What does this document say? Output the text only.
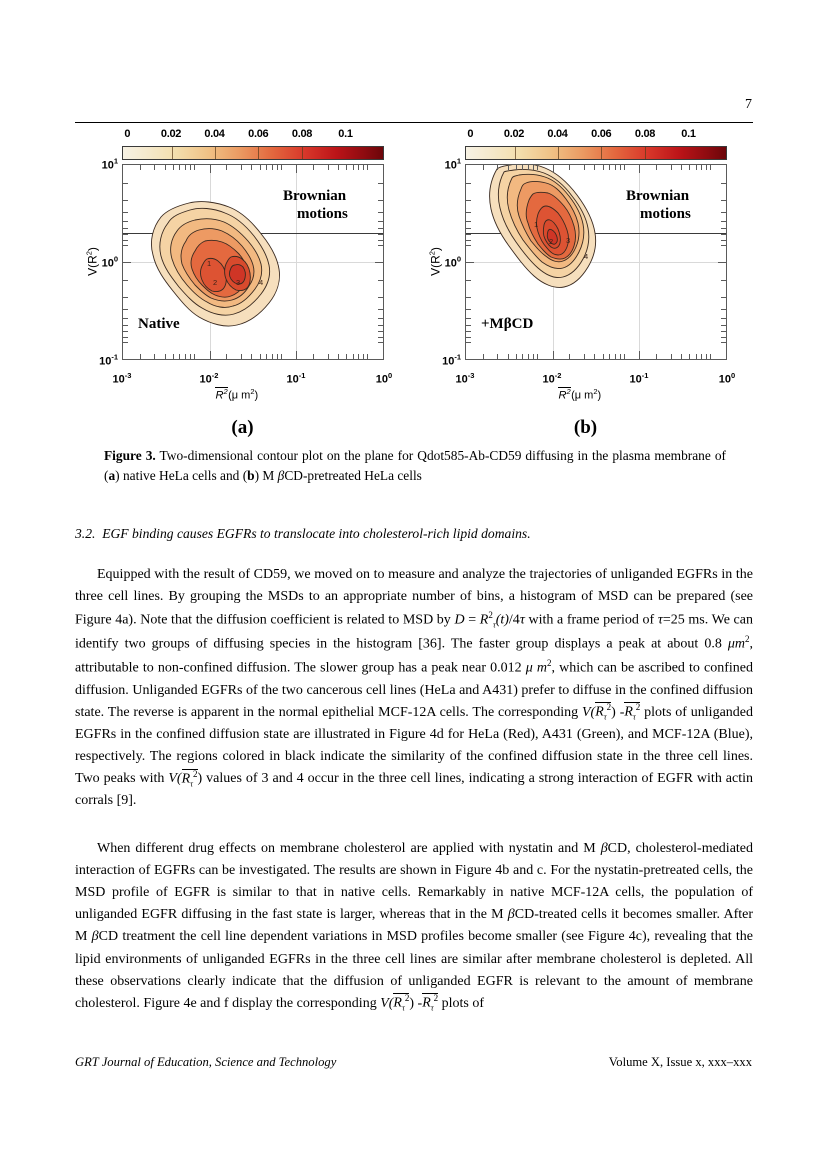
7
0	0.02 0.04 0.06 0.08 0.1
1
2	3	4
Brownian
motions
Native
$10^1$
$10^0$
$10^{-1}$
$10^{-3}$	$10^{-2}$	$10^{-1}$	$10^0$
$R^2(\mu$ $m^2$)
$V(R^2)$
(a)
0	0.02 0.04 0.06 0.08 0.1
1
2 3
4
Brownian
motions
+MβCD
$10^1$
$10^0$
$10^{-1}$
$10^{-3}$	$10^{-2}$	$10^{-1}$	$10^0$
$R^2(\mu$ $m^2$)
$V(R^2)$
(b)
Figure 3. Two-dimensional contour plot on the plane for Qdot585-Ab-CD59 diffusing in the plasma membrane of (a) native HeLa cells and (b) M βCD-pretreated HeLa cells
3.2. EGF binding causes EGFRs to translocate into cholesterol-rich lipid domains.
Equipped with the result of CD59, we moved on to measure and analyze the trajectories of unliganded EGFRs in the three cell lines. By grouping the MSDs to an appropriate number of bins, a histogram of MSD can be prepared (see Figure 4a). Note that the diffusion coefficient is related to MSD by $D = R^2_\tau(t)/4\tau$ with a frame period of τ=25 ms. We can identify two groups of diffusing species in the histogram [36]. The faster group displays a peak at about 0.8 $\mu m^2$, attributable to non-confined diffusion. The slower group has a peak near 0.012 μ $m^2$, which can be ascribed to confined diffusion. Unliganded EGFRs of the two cancerous cell lines (HeLa and A431) prefer to diffuse in the confined diffusion state. The reverse is apparent in the normal epithelial MCF-12A cells. The corresponding $V(R_\tau^2)$ $-R_\tau^2$ plots of unliganded EGFRs in the confined diffusion state are illustrated in Figure 4d for HeLa (Red), A431 (Green), and MCF-12A (Blue), respectively. The regions colored in black indicate the similarity of the confined diffusion state in the three cell lines. Two peaks with $V(R_\tau^2)$ values of 3 and 4 occur in the three cell lines, indicating a strong interaction of EGFR with actin corrals [9].
When different drug effects on membrane cholesterol are applied with nystatin and M βCD, cholesterol-mediated interaction of EGFRs can be investigated. The results are shown in Figure 4b and c. For the nystatin-pretreated cells, the MSD profile of EGFR is similar to that in native cells. Remarkably in native MCF-12A cells, the population of unliganded EGFR diffusing in the fast state is larger, whereas that in the M βCD-treated cells it becomes smaller. After M βCD treatment the cell line dependent variations in MSD profiles become smaller (see Figure 4c), revealing that the lipid environments of unliganded EGFRs in the three cell lines are similar after membrane cholesterol is depleted. All these observations clearly indicate that the diffusion of unliganded EGFR is relevant to the amount of membrane cholesterol. Figure 4e and f display the corresponding $V(R_\tau^2)$ $-R_\tau^2$ plots of
GRT Journal of Education, Science and Technology	Volume X, Issue x, xxx–xxx
